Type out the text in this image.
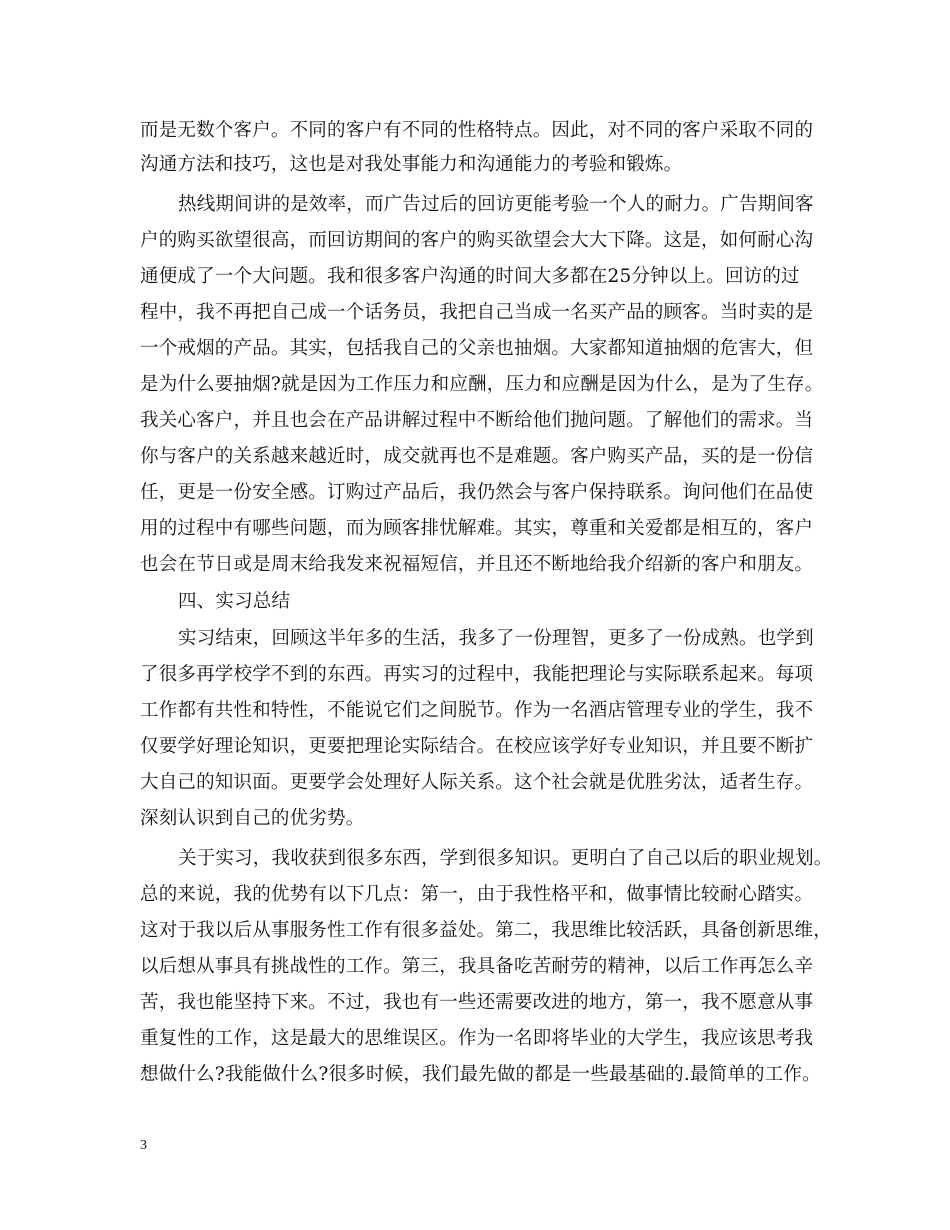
而是无数个客户。不同的客户有不同的性格特点。因此，对不同的客户采取不同的
沟通方法和技巧，这也是对我处事能力和沟通能力的考验和锻炼。
热线期间讲的是效率，而广告过后的回访更能考验一个人的耐力。广告期间客
户的购买欲望很高，而回访期间的客户的购买欲望会大大下降。这是，如何耐心沟
通便成了一个大问题。我和很多客户沟通的时间大多都在25分钟以上。回访的过
程中，我不再把自己成一个话务员，我把自己当成一名买产品的顾客。当时卖的是
一个戒烟的产品。其实，包括我自己的父亲也抽烟。大家都知道抽烟的危害大，但
是为什么要抽烟?就是因为工作压力和应酬，压力和应酬是因为什么，是为了生存。
我关心客户，并且也会在产品讲解过程中不断给他们抛问题。了解他们的需求。当
你与客户的关系越来越近时，成交就再也不是难题。客户购买产品，买的是一份信
任，更是一份安全感。订购过产品后，我仍然会与客户保持联系。询问他们在品使
用的过程中有哪些问题，而为顾客排忧解难。其实，尊重和关爱都是相互的，客户
也会在节日或是周末给我发来祝福短信，并且还不断地给我介绍新的客户和朋友。
四、实习总结
实习结束，回顾这半年多的生活，我多了一份理智，更多了一份成熟。也学到
了很多再学校学不到的东西。再实习的过程中，我能把理论与实际联系起来。每项
工作都有共性和特性，不能说它们之间脱节。作为一名酒店管理专业的学生，我不
仅要学好理论知识，更要把理论实际结合。在校应该学好专业知识，并且要不断扩
大自己的知识面。更要学会处理好人际关系。这个社会就是优胜劣汰，适者生存。
深刻认识到自己的优劣势。
关于实习，我收获到很多东西，学到很多知识。更明白了自己以后的职业规划。
总的来说，我的优势有以下几点：第一，由于我性格平和，做事情比较耐心踏实。
这对于我以后从事服务性工作有很多益处。第二，我思维比较活跃，具备创新思维，
以后想从事具有挑战性的工作。第三，我具备吃苦耐劳的精神，以后工作再怎么辛
苦，我也能坚持下来。不过，我也有一些还需要改进的地方，第一，我不愿意从事
重复性的工作，这是最大的思维误区。作为一名即将毕业的大学生，我应该思考我
想做什么?我能做什么?很多时候，我们最先做的都是一些最基础的.最简单的工作。
3
